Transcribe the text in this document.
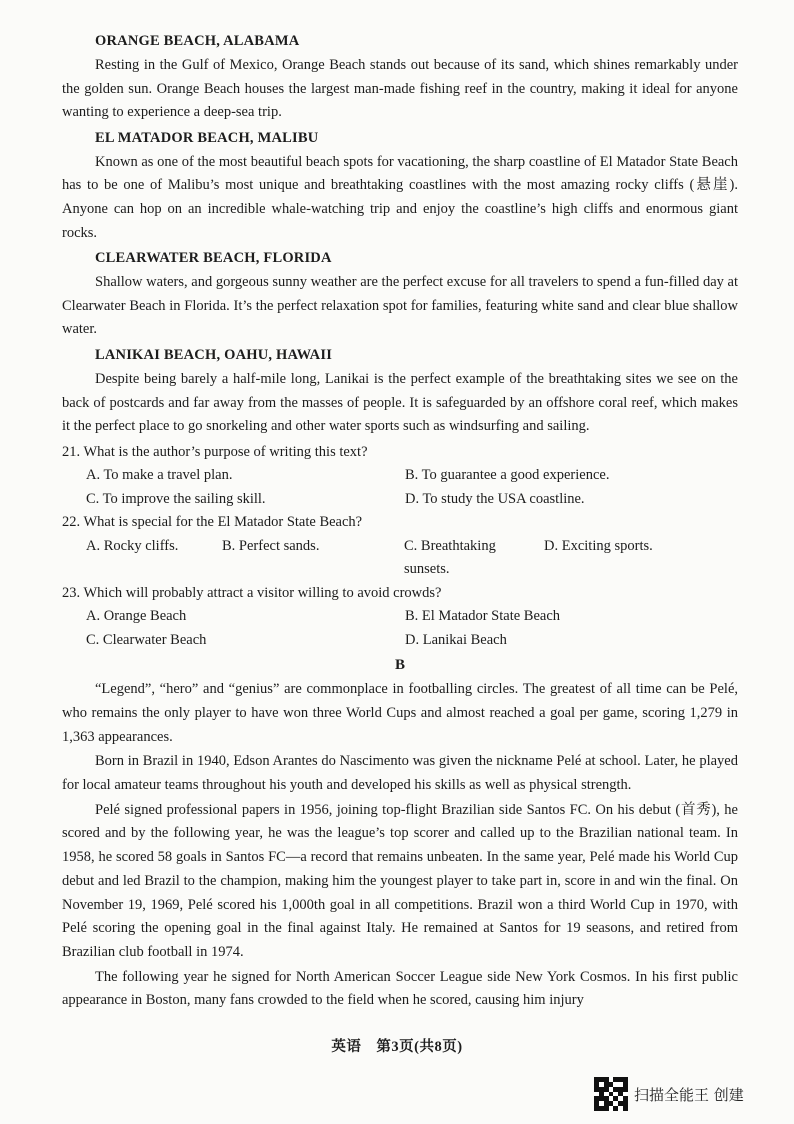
ORANGE BEACH, ALABAMA

Resting in the Gulf of Mexico, Orange Beach stands out because of its sand, which shines remarkably under the golden sun. Orange Beach houses the largest man-made fishing reef in the country, making it ideal for anyone wanting to experience a deep-sea trip.

EL MATADOR BEACH, MALIBU

Known as one of the most beautiful beach spots for vacationing, the sharp coastline of El Matador State Beach has to be one of Malibu’s most unique and breathtaking coastlines with the most amazing rocky cliffs (悬崖). Anyone can hop on an incredible whale-watching trip and enjoy the coastline’s high cliffs and enormous giant rocks.

CLEARWATER BEACH, FLORIDA

Shallow waters, and gorgeous sunny weather are the perfect excuse for all travelers to spend a fun-filled day at Clearwater Beach in Florida. It’s the perfect relaxation spot for families, featuring white sand and clear blue shallow water.

LANIKAI BEACH, OAHU, HAWAII

Despite being barely a half-mile long, Lanikai is the perfect example of the breathtaking sites we see on the back of postcards and far away from the masses of people. It is safeguarded by an offshore coral reef, which makes it the perfect place to go snorkeling and other water sports such as windsurfing and sailing.

21. What is the author’s purpose of writing this text?

A. To make a travel plan.	B. To guarantee a good experience.
C. To improve the sailing skill.	D. To study the USA coastline.

22. What is special for the El Matador State Beach?

A. Rocky cliffs.	B. Perfect sands.	C. Breathtaking sunsets.
D. Exciting sports.

23. Which will probably attract a visitor willing to avoid crowds?

A. Orange Beach	B. El Matador State Beach
C. Clearwater Beach	D. Lanikai Beach
B

“Legend”, “hero” and “genius” are commonplace in footballing circles. The greatest of all time can be Pelé, who remains the only player to have won three World Cups and almost reached a goal per game, scoring 1,279 in 1,363 appearances.

Born in Brazil in 1940, Edson Arantes do Nascimento was given the nickname Pelé at school. Later, he played for local amateur teams throughout his youth and developed his skills as well as physical strength.

Pelé signed professional papers in 1956, joining top-flight Brazilian side Santos FC. On his debut (首秀), he scored and by the following year, he was the league’s top scorer and called up to the Brazilian national team. In 1958, he scored 58 goals in Santos FC—a record that remains unbeaten. In the same year, Pelé made his World Cup debut and led Brazil to the champion, making him the youngest player to take part in, score in and win the final. On November 19, 1969, Pelé scored his 1,000th goal in all competitions. Brazil won a third World Cup in 1970, with Pelé scoring the opening goal in the final against Italy. He remained at Santos for 19 seasons, and retired from Brazilian club football in 1974.

The following year he signed for North American Soccer League side New York Cosmos. In his first public appearance in Boston, many fans crowded to the field when he scored, causing him injury

英语　第3页(共8页)
扫描全能王 创建
